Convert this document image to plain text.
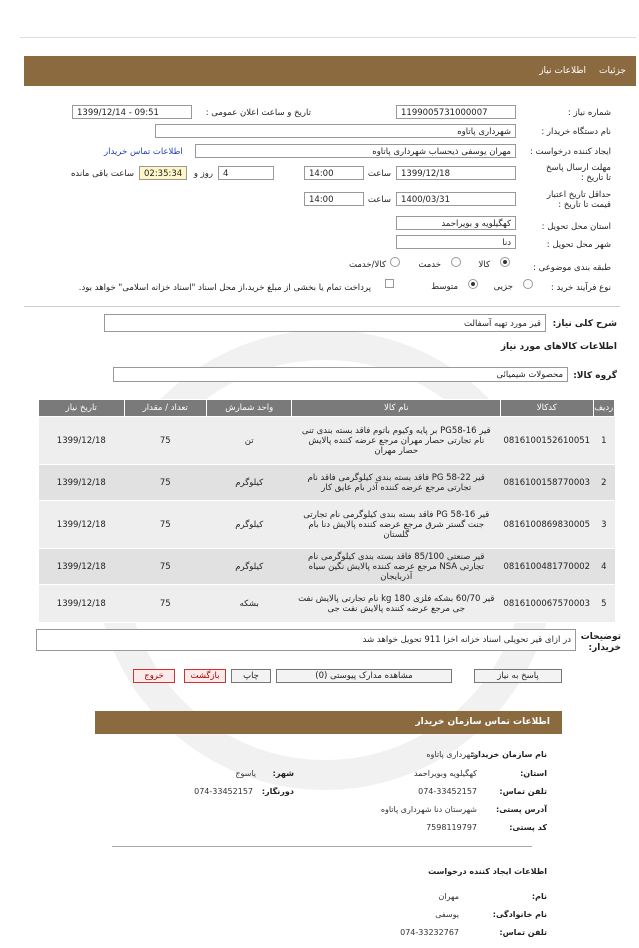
جزئیات
اطلاعات نیاز
شماره نیاز :
1199005731000007
تاریخ و ساعت اعلان عمومی :
1399/12/14 - 09:51
نام دستگاه خریدار :
شهرداری پاتاوه
ایجاد کننده درخواست :
مهران یوسفی ذیحساب شهرداری پاتاوه
اطلاعات تماس خریدار
مهلت ارسال پاسخ تا تاریخ :
1399/12/18
ساعت
14:00
4
روز و
02:35:34
ساعت باقی مانده
حداقل تاریخ اعتبار قیمت تا تاریخ :
1400/03/31
ساعت
14:00
استان محل تحویل :
کهگیلویه و بویراحمد
شهر محل تحویل :
دنا
طبقه بندی موضوعی :
کالا
خدمت
کالا/خدمت
نوع فرآیند خرید :
جزیی
متوسط
پرداخت تمام یا بخشی از مبلغ خرید،از محل اسناد "اسناد خزانه اسلامی" خواهد بود.
شرح کلی نیاز:
قیر مورد تهیه آسفالت
اطلاعات کالاهای مورد نیاز
گروه کالا:
محصولات شیمیائی
ردیف	کدکالا	نام کالا	واحد شمارش	تعداد / مقدار	تاریخ نیاز
1	0816100152610051	قیر PG58-16 بر پایه وکیوم باتوم فاقد بسته بندی تنی نام تجارتی حصار مهران مرجع عرضه کننده پالایش حصار مهران	تن	75	1399/12/18
2	0816100158770003	قیر PG 58-22 فاقد بسته بندی کیلوگرمی فاقد نام تجارتی مرجع عرضه کننده آذر بام عایق کار	کیلوگرم	75	1399/12/18
3	0816100869830005	قیر PG 58-16 فاقد بسته بندی کیلوگرمی نام تجارتی جنت گستر شرق مرجع عرضه کننده پالایش دنا بام گلستان	کیلوگرم	75	1399/12/18
4	0816100481770002	قیر صنعتی 85/100 فاقد بسته بندی کیلوگرمی نام تجارتی NSA مرجع عرضه کننده پالایش نگین سیاه آذربایجان	کیلوگرم	75	1399/12/18
5	0816100067570003	قیر 60/70 بشکه فلزی 180 kg نام تجارتی پالایش نفت جی مرجع عرضه کننده پالایش نفت جی	بشکه	75	1399/12/18
توضیحات خریدار:
در ازای قیر تحویلی اسناد خزانه اخزا 911 تحویل خواهد شد
پاسخ به نیاز
مشاهده مدارک پیوستی (0)
چاپ
بازگشت
خروج
اطلاعات تماس سازمان خریدار
نام سازمان خریدار:
شهرداری پاتاوه
استان:
کهگیلویه وبویراحمد
شهر:
یاسوج
تلفن تماس:
074-33452157
دورنگار:
074-33452157
آدرس پستی:
شهرستان دنا شهرداری پاتاوه
کد پستی:
7598119797
اطلاعات ایجاد کننده درخواست
نام:
مهران
نام خانوادگی:
یوسفی
تلفن تماس:
074-33232767
